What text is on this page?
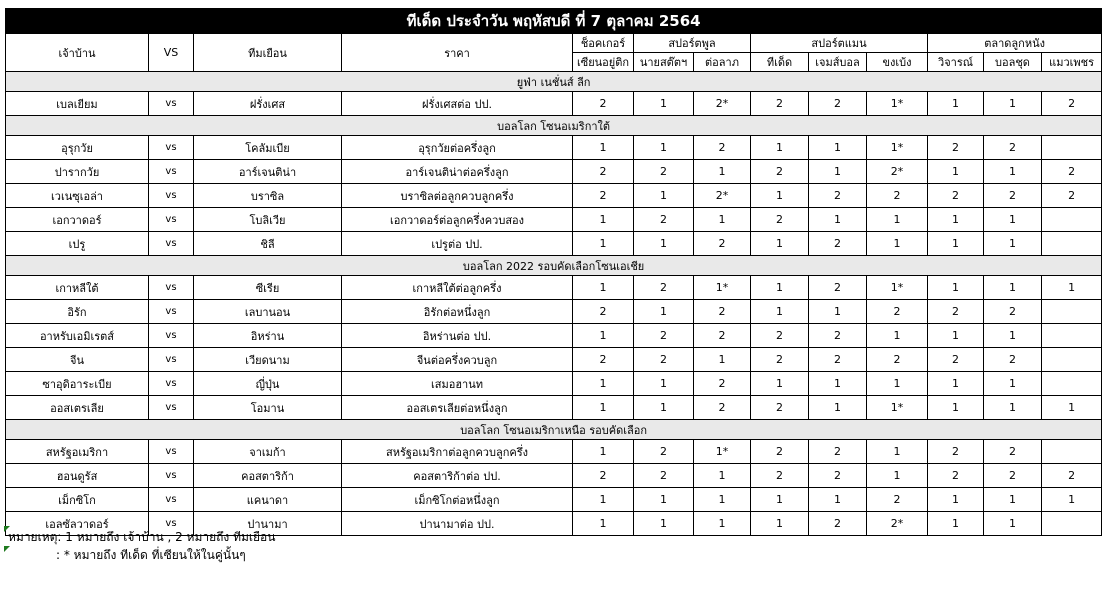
ทีเด็ด ประจำวัน พฤหัสบดี ที่ 7 ตุลาคม 2564												
เจ้าบ้าน	VS	ทีมเยือน	ราคา	ช็อคเกอร์	สปอร์ตพูล		สปอร์ตแมน			ตลาดลูกหนัง		
				เซียนอยู่ติก	นายสต๊ตฯ	ต่อลาภ	ทีเด็ด	เจมส์บอล	ขงเบ้ง	วิจารณ์	บอลชุด	แมวเพชร
ยูฟ่า เนชั่นส์ ลีก												
เบลเยียม	vs	ฝรั่งเศส	ฝรั่งเศสต่อ ปป.	2	1	2*	2	2	1*	1	1	2
บอลโลก โซนอเมริกาใต้												
อุรุกวัย	vs	โคลัมเบีย	อุรุกวัยต่อครึ่งลูก	1	1	2	1	1	1*	2	2	
ปารากวัย	vs	อาร์เจนติน่า	อาร์เจนติน่าต่อครึ่งลูก	2	2	1	2	1	2*	1	1	2
เวเนซุเอล่า	vs	บราซิล	บราซิลต่อลูกควบลูกครึ่ง	2	1	2*	1	2	2	2	2	2
เอกวาดอร์	vs	โบลิเวีย	เอกวาดอร์ต่อลูกครึ่งควบสอง	1	2	1	2	1	1	1	1	
เปรู	vs	ชิลี	เปรูต่อ ปป.	1	1	2	1	2	1	1	1	
บอลโลก 2022 รอบคัดเลือกโซนเอเชีย												
เกาหลีใต้	vs	ซีเรีย	เกาหลีใต้ต่อลูกครึ่ง	1	2	1*	1	2	1*	1	1	1
อิรัก	vs	เลบานอน	อิรักต่อหนึ่งลูก	2	1	2	1	1	2	2	2	
อาหรับเอมิเรตส์	vs	อิหร่าน	อิหร่านต่อ ปป.	1	2	2	2	2	1	1	1	
จีน	vs	เวียดนาม	จีนต่อครึ่งควบลูก	2	2	1	2	2	2	2	2	
ซาอุดิอาระเบีย	vs	ญี่ปุ่น	เสมอฮานท	1	1	2	1	1	1	1	1	
ออสเตรเลีย	vs	โอมาน	ออสเตรเลียต่อหนึ่งลูก	1	1	2	2	1	1*	1	1	1
บอลโลก โซนอเมริกาเหนือ รอบคัดเลือก												
สหรัฐอเมริกา	vs	จาเมก้า	สหรัฐอเมริกาต่อลูกควบลูกครึ่ง	1	2	1*	2	2	1	2	2	
ฮอนดูรัส	vs	คอสตาริก้า	คอสตาริก้าต่อ ปป.	2	2	1	2	2	1	2	2	2
เม็กซิโก	vs	แคนาดา	เม็กซิโกต่อหนึ่งลูก	1	1	1	1	1	2	1	1	1
เอลซัลวาดอร์	vs	ปานามา	ปานามาต่อ ปป.	1	1	1	1	2	2*	1	1	
หมายเหตุ: 1 หมายถึง เจ้าบ้าน , 2 หมายถึง ทีมเยือน
: * หมายถึง ทีเด็ด ที่เซียนให้ในคู่นั้นๆ
